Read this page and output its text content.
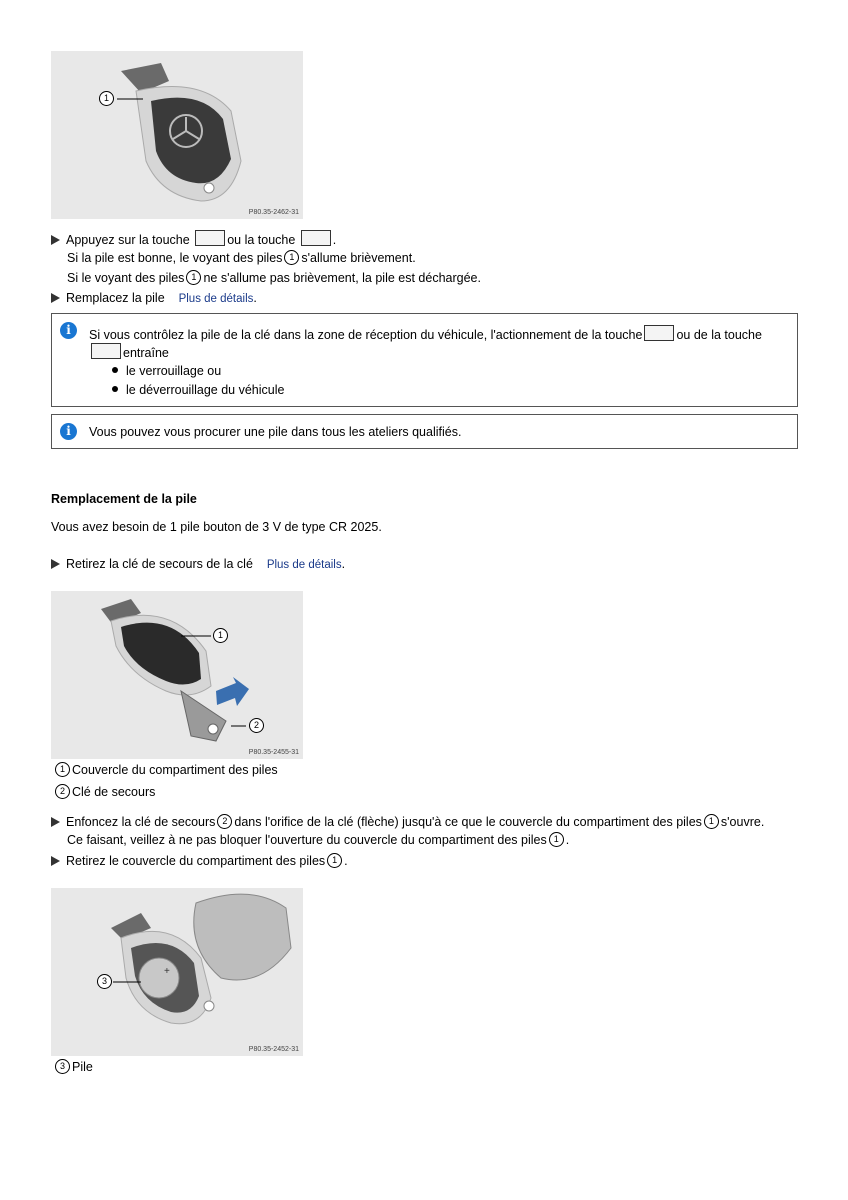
1
P80.35-2462-31
Appuyez sur la touche	ou la touche	.
Si la pile est bonne, le voyant des piles 1 s'allume brièvement.
Si le voyant des piles 1 ne s'allume pas brièvement, la pile est déchargée.
Remplacez la pile Plus de détails.
i	Si vous contrôlez la pile de la clé dans la zone de réception du véhicule, l'actionnement de la touche	ou de la touche
entraîne
le verrouillage ou
le déverrouillage du véhicule
i	Vous pouvez vous procurer une pile dans tous les ateliers qualifiés.
Remplacement de la pile
Vous avez besoin de 1 pile bouton de 3 V de type CR 2025.
Retirez la clé de secours de la clé Plus de détails.
1
2
P80.35-2455-31
1 Couvercle du compartiment des piles
2 Clé de secours
Enfoncez la clé de secours 2 dans l'orifice de la clé (flèche) jusqu'à ce que le couvercle du compartiment des piles 1 s'ouvre.
Ce faisant, veillez à ne pas bloquer l'ouverture du couvercle du compartiment des piles 1 .
Retirez le couvercle du compartiment des piles 1 .
+
3
P80.35-2452-31
3 Pile
